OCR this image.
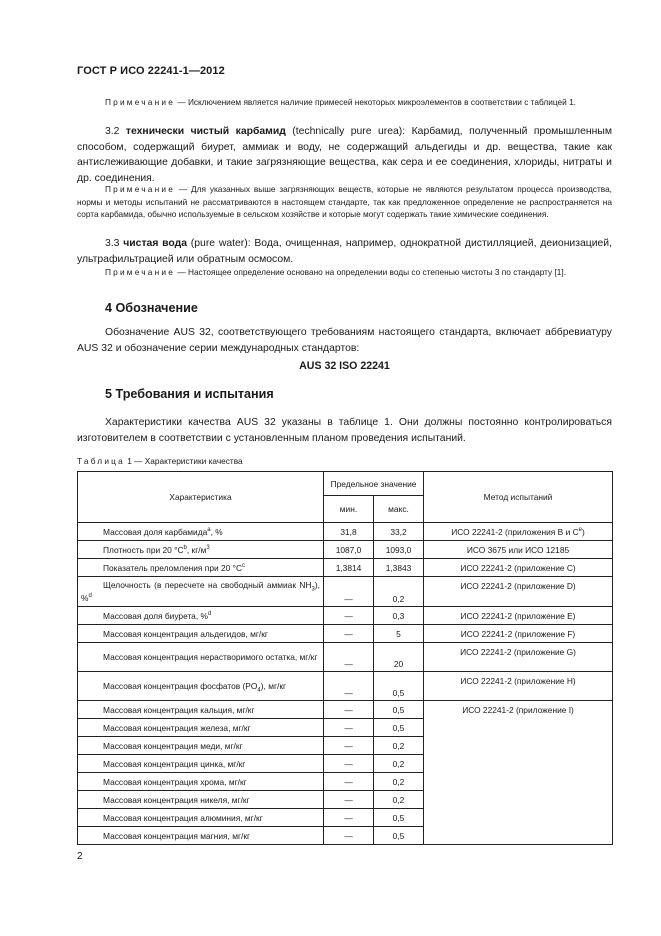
ГОСТ Р ИСО 22241-1—2012
Примечание — Исключением является наличие примесей некоторых микроэлементов в соответствии с таблицей 1.
3.2 технически чистый карбамид (technically pure urea): Карбамид, полученный промышленным способом, содержащий биурет, аммиак и воду, не содержащий альдегиды и др. вещества, такие как антислеживающие добавки, и такие загрязняющие вещества, как сера и ее соединения, хлориды, нитраты и др. соединения.
Примечание — Для указанных выше загрязняющих веществ, которые не являются результатом процесса производства, нормы и методы испытаний не рассматриваются в настоящем стандарте, так как предложенное определение не распространяется на сорта карбамида, обычно используемые в сельском хозяйстве и которые могут содержать такие химические соединения.
3.3 чистая вода (pure water): Вода, очищенная, например, однократной дистилляцией, деионизацией, ультрафильтрацией или обратным осмосом.
Примечание — Настоящее определение основано на определении воды со степенью чистоты 3 по стандарту [1].
4 Обозначение
Обозначение AUS 32, соответствующего требованиям настоящего стандарта, включает аббревиатуру AUS 32 и обозначение серии международных стандартов:
AUS 32 ISO 22241
5 Требования и испытания
Характеристики качества AUS 32 указаны в таблице 1. Они должны постоянно контролироваться изготовителем в соответствии с установленным планом проведения испытаний.
Таблица 1 — Характеристики качества
Характеристика	Предельное значение		Метод испытаний
	мин.	макс.	
Массовая доля карбамида$^a$, %	31,8	33,2	ИСО 22241-2 (приложения В и $С^e$)
Плотность при 20 $^\circ С^b$, $кг/м^3$	1087,0	1093,0	ИСО 3675 или ИСО 12185
Показатель преломления при 20 $^\circ С^c$	1,3814	1,3843	ИСО 22241-2 (приложение С)
Щелочность (в пересчете на свободный аммиак $NH_3$), %$^d$	—	0,2	ИСО 22241-2 (приложение D)
Массовая доля биурета, %$^d$	—	0,3	ИСО 22241-2 (приложение Е)
Массовая концентрация альдегидов, мг/кг	—	5	ИСО 22241-2 (приложение F)
Массовая концентрация нерастворимого остатка, мг/кг	—	20	ИСО 22241-2 (приложение G)
Массовая концентрация фосфатов $(PO_4)$, мг/кг	—	0,5	ИСО 22241-2 (приложение Н)
Массовая концентрация кальция, мг/кг	—	0,5	ИСО 22241-2 (приложение I)
Массовая концентрация железа, мг/кг	—	0,5	
Массовая концентрация меди, мг/кг	—	0,2	
Массовая концентрация цинка, мг/кг	—	0,2	
Массовая концентрация хрома, мг/кг	—	0,2	
Массовая концентрация никеля, мг/кг	—	0,2	
Массовая концентрация алюминия, мг/кг	—	0,5	
Массовая концентрация магния, мг/кг	—	0,5	
2
